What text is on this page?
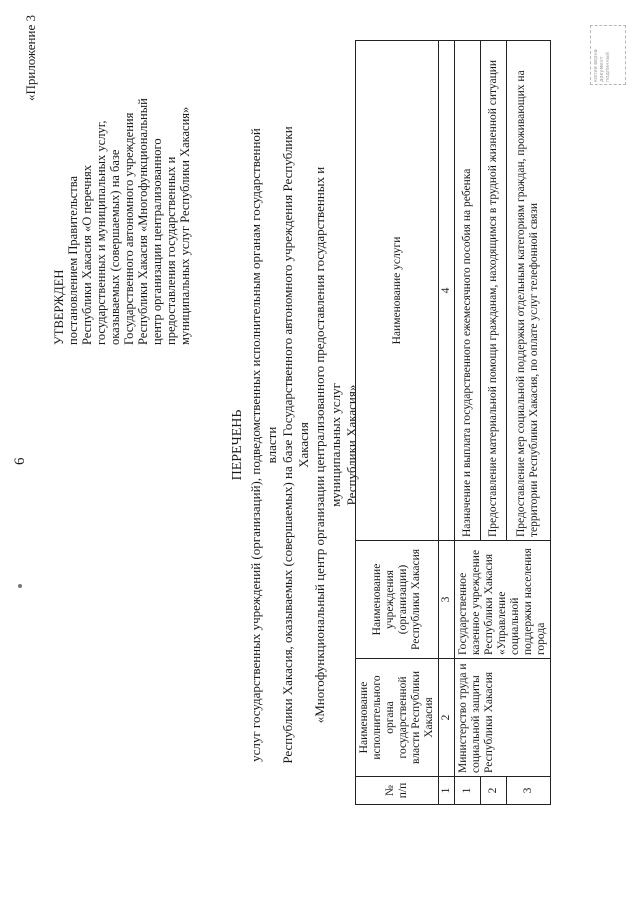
6
«Приложение 3
УТВЕРЖДЕН постановлением Правительства Республики Хакасия «О перечнях государственных и муниципальных услуг, оказываемых (совершаемых) на базе Государственного автономного учреждения Республики Хакасия «Многофункциональный центр организации централизованного предоставления государственных и муниципальных услуг Республики Хакасия»
копия верна документ подлинный
ПЕРЕЧЕНЬ услуг государственных учреждений (организаций), подведомственных исполнительным органам государственной власти Республики Хакасия, оказываемых (совершаемых) на базе Государственного автономного учреждения Республики Хакасия «Многофункциональный центр организации централизованного предоставления государственных и муниципальных услуг Республики Хакасия»
№ п/п	Наименование исполнительного органа государственной власти Республики Хакасия	Наименование учреждения (организации) Республики Хакасия	Наименование услуги
1	2	3	4
1	Министерство труда и социальной защиты Республики Хакасия	Государственное казенное учреждение Республики Хакасия «Управление социальной поддержки населения города	Назначение и выплата государственного ежемесячного пособия на ребенка
2			Предоставление материальной помощи гражданам, находящимся в трудной жизненной ситуации
3			Предоставление мер социальной поддержки отдельным категориям граждан, проживающих на территории Республики Хакасия, по оплате услуг телефонной связи
